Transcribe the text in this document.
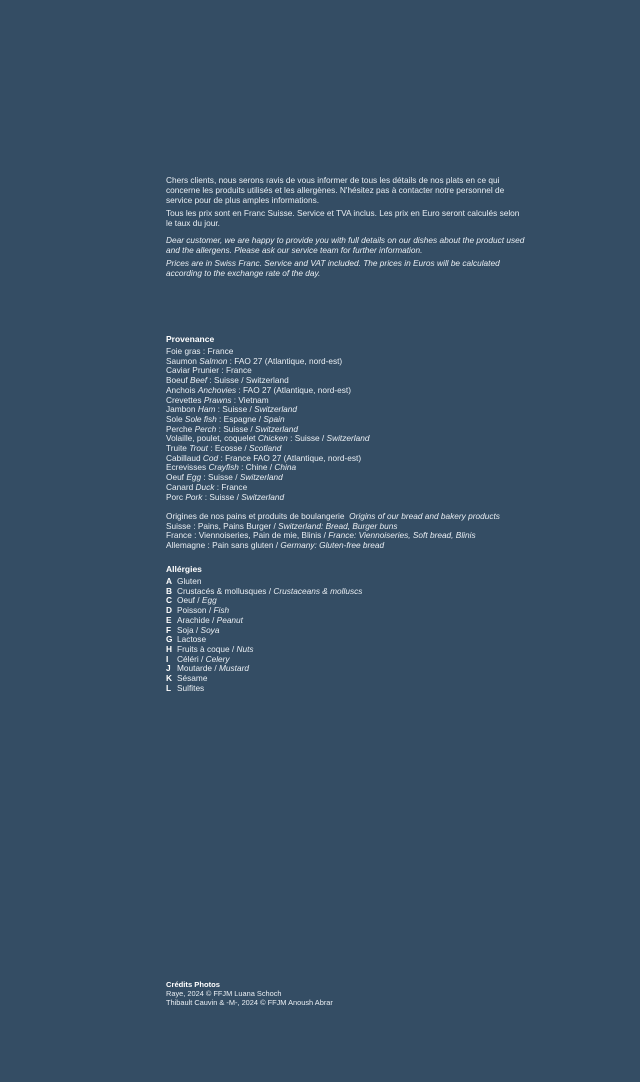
Chers clients, nous serons ravis de vous informer de tous les détails de nos plats en ce qui concerne les produits utilisés et les allergènes. N'hésitez pas à contacter notre personnel de service pour de plus amples informations.

Tous les prix sont en Franc Suisse. Service et TVA inclus. Les prix en Euro seront calculés selon le taux du jour.

Dear customer, we are happy to provide you with full details on our dishes about the product used and the allergens. Please ask our service team for further information.

Prices are in Swiss Franc. Service and VAT included. The prices in Euros will be calculated according to the exchange rate of the day.

Provenance
Foie gras : France
Saumon Salmon : FAO 27 (Atlantique, nord-est)
Caviar Prunier : France
Boeuf Beef : Suisse / Switzerland
Anchois Anchovies : FAO 27 (Atlantique, nord-est)
Crevettes Prawns : Vietnam
Jambon Ham : Suisse / Switzerland
Sole Sole fish : Espagne / Spain
Perche Perch : Suisse / Switzerland
Volaille, poulet, coquelet Chicken : Suisse / Switzerland
Truite Trout : Ecosse / Scotland
Cabillaud Cod : France FAO 27 (Atlantique, nord-est)
Ecrevisses Crayfish : Chine / China
Oeuf Egg : Suisse / Switzerland
Canard Duck : France
Porc Pork : Suisse / Switzerland
Origines de nos pains et produits de boulangerie Origins of our bread and bakery products
Suisse : Pains, Pains Burger / Switzerland: Bread, Burger buns
France : Viennoiseries, Pain de mie, Blinis / France: Viennoiseries, Soft bread, Blinis
Allemagne : Pain sans gluten / Germany: Gluten-free bread
Allérgies
A Gluten
B Crustacés & mollusques / Crustaceans & molluscs
C Oeuf / Egg
D Poisson / Fish
E Arachide / Peanut
F Soja / Soya
G Lactose
H Fruits à coque / Nuts
I Céléri / Celery
J Moutarde / Mustard
K Sésame
L Sulfites
Crédits Photos
Raye, 2024 © FFJM Luana Schoch
Thibault Cauvin & -M-, 2024 © FFJM Anoush Abrar
